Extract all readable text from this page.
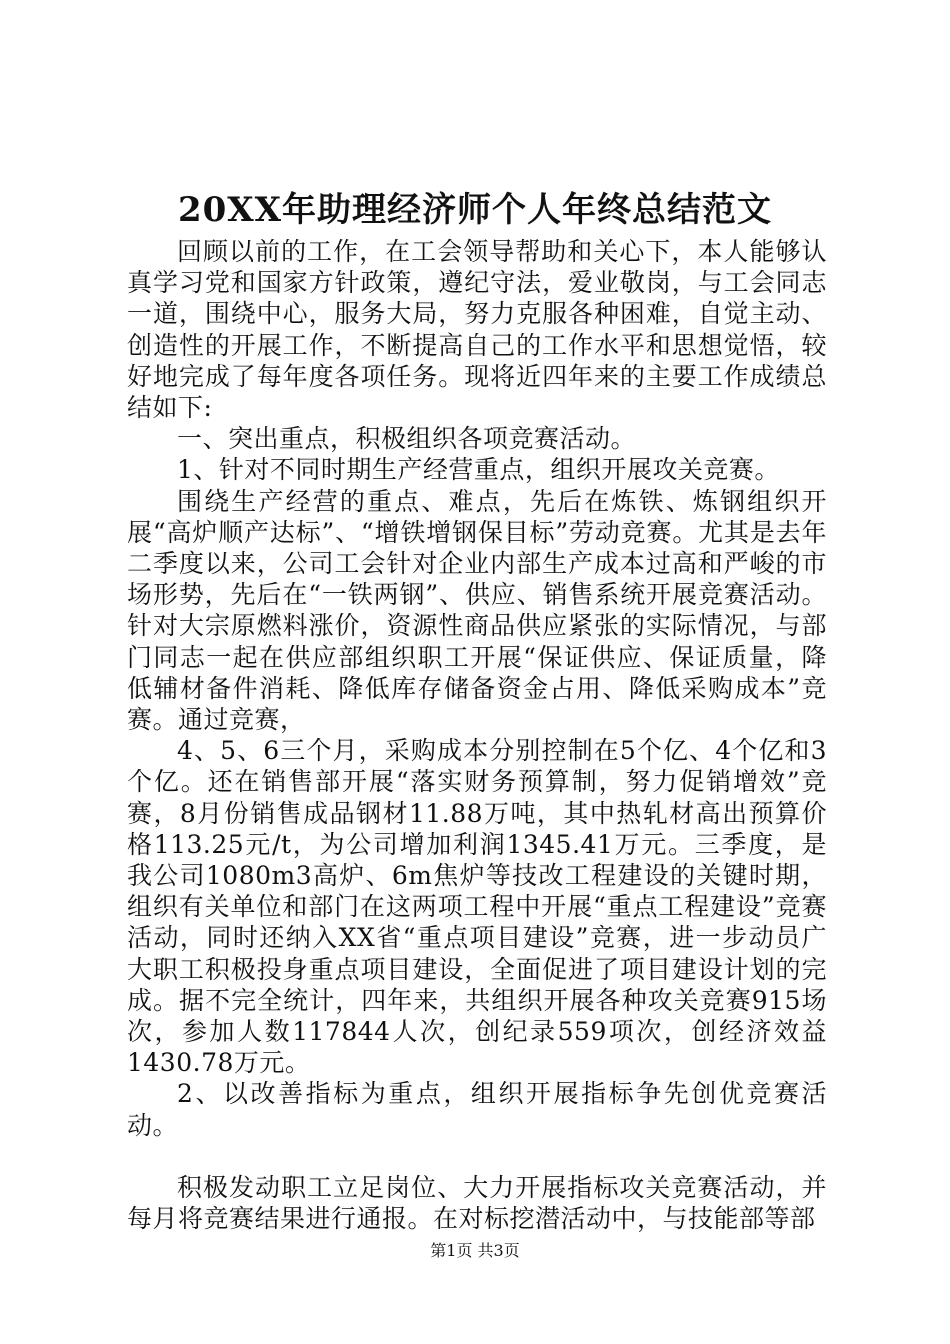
20XX年助理经济师个人年终总结范文

回顾以前的工作，在工会领导帮助和关心下，本人能够认真学习党和国家方针政策，遵纪守法，爱业敬岗，与工会同志一道，围绕中心，服务大局，努力克服各种困难，自觉主动、创造性的开展工作，不断提高自己的工作水平和思想觉悟，较好地完成了每年度各项任务。现将近四年来的主要工作成绩总结如下:

一、突出重点，积极组织各项竞赛活动。

1、针对不同时期生产经营重点，组织开展攻关竞赛。

围绕生产经营的重点、难点，先后在炼铁、炼钢组织开展“高炉顺产达标”、“增铁增钢保目标”劳动竞赛。尤其是去年二季度以来，公司工会针对企业内部生产成本过高和严峻的市场形势，先后在“一铁两钢”、供应、销售系统开展竞赛活动。针对大宗原燃料涨价，资源性商品供应紧张的实际情况，与部门同志一起在供应部组织职工开展“保证供应、保证质量，降低辅材备件消耗、降低库存储备资金占用、降低采购成本”竞赛。通过竞赛，

4、5、6三个月，采购成本分别控制在5个亿、4个亿和3个亿。还在销售部开展“落实财务预算制，努力促销增效”竞赛，8月份销售成品钢材11.88万吨，其中热轧材高出预算价格113.25元/t，为公司增加利润1345.41万元。三季度，是我公司1080m3高炉、6m焦炉等技改工程建设的关键时期，组织有关单位和部门在这两项工程中开展“重点工程建设”竞赛活动，同时还纳入XX省“重点项目建设”竞赛，进一步动员广大职工积极投身重点项目建设，全面促进了项目建设计划的完成。据不完全统计，四年来，共组织开展各种攻关竞赛915场次，参加人数117844人次，创纪录559项次，创经济效益1430.78万元。

2、以改善指标为重点，组织开展指标争先创优竞赛活动。

积极发动职工立足岗位、大力开展指标攻关竞赛活动，并每月将竞赛结果进行通报。在对标挖潜活动中，与技能部等部

第1页 共3页
